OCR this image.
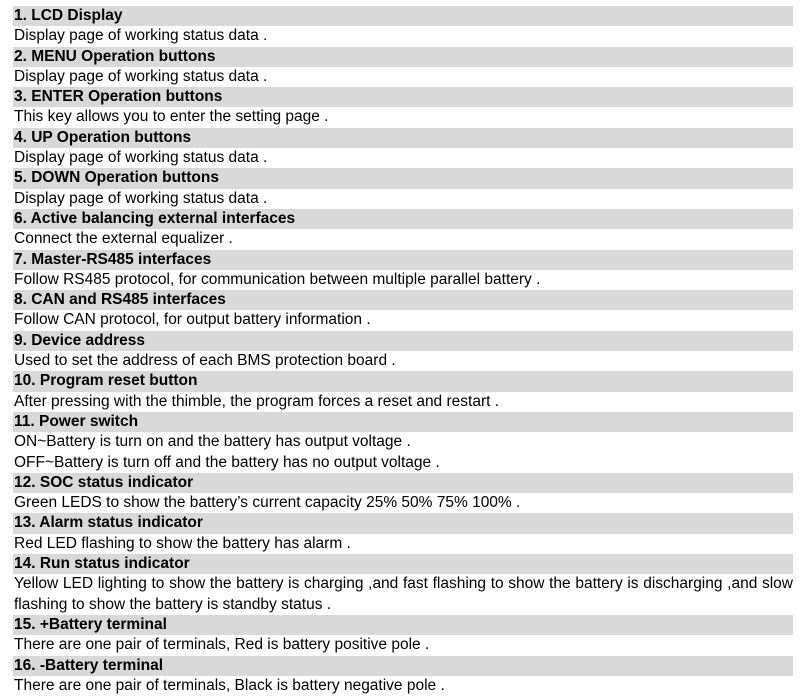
1. LCD Display
Display page of working status data .
2. MENU Operation buttons
Display page of working status data .
3. ENTER Operation buttons
This key allows you to enter the setting page .
4. UP Operation buttons
Display page of working status data .
5. DOWN Operation buttons
Display page of working status data .
6. Active balancing external interfaces
Connect the external equalizer .
7. Master-RS485 interfaces
Follow RS485 protocol, for communication between multiple parallel battery .
8. CAN and RS485 interfaces
Follow CAN protocol, for output battery information .
9. Device address
Used to set the address of each BMS protection board .
10. Program reset button
After pressing with the thimble, the program forces a reset and restart .
11. Power switch
ON~Battery is turn on and the battery has output voltage .
OFF~Battery is turn off and the battery has no output voltage .
12. SOC status indicator
Green LEDS to show the battery’s current capacity 25% 50% 75% 100% .
13. Alarm status indicator
Red LED flashing to show the battery has alarm .
14. Run status indicator
Yellow LED lighting to show the battery is charging ,and fast flashing to show the battery is discharging ,and slow flashing to show the battery is standby status .
15. +Battery terminal
There are one pair of terminals, Red is battery positive pole .
16. -Battery terminal
There are one pair of terminals, Black is battery negative pole .
